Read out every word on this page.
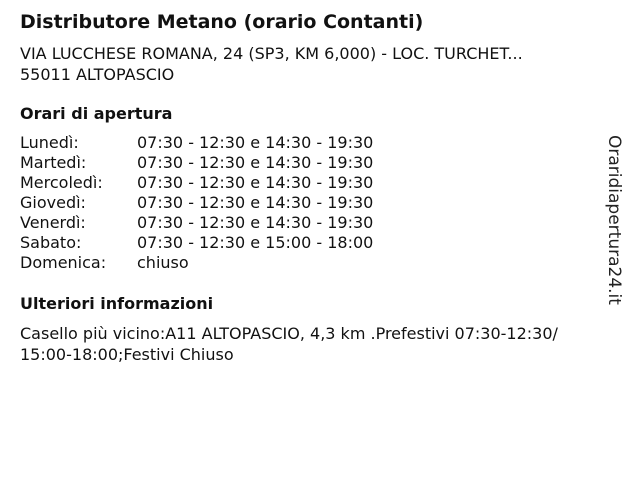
Distributore Metano (orario Contanti)
VIA LUCCHESE ROMANA, 24 (SP3, KM 6,000) - LOC. TURCHET...
55011 ALTOPASCIO
Orari di apertura
Lunedì:	07:30 - 12:30 e 14:30 - 19:30
Martedì:	07:30 - 12:30 e 14:30 - 19:30
Mercoledì:	07:30 - 12:30 e 14:30 - 19:30
Giovedì:	07:30 - 12:30 e 14:30 - 19:30
Venerdì:	07:30 - 12:30 e 14:30 - 19:30
Sabato:	07:30 - 12:30 e 15:00 - 18:00
Domenica:	chiuso
Ulteriori informazioni
Casello più vicino:A11 ALTOPASCIO, 4,3 km .Prefestivi 07:30-12:30/
15:00-18:00;Festivi Chiuso
Oraridiapertura24.it
